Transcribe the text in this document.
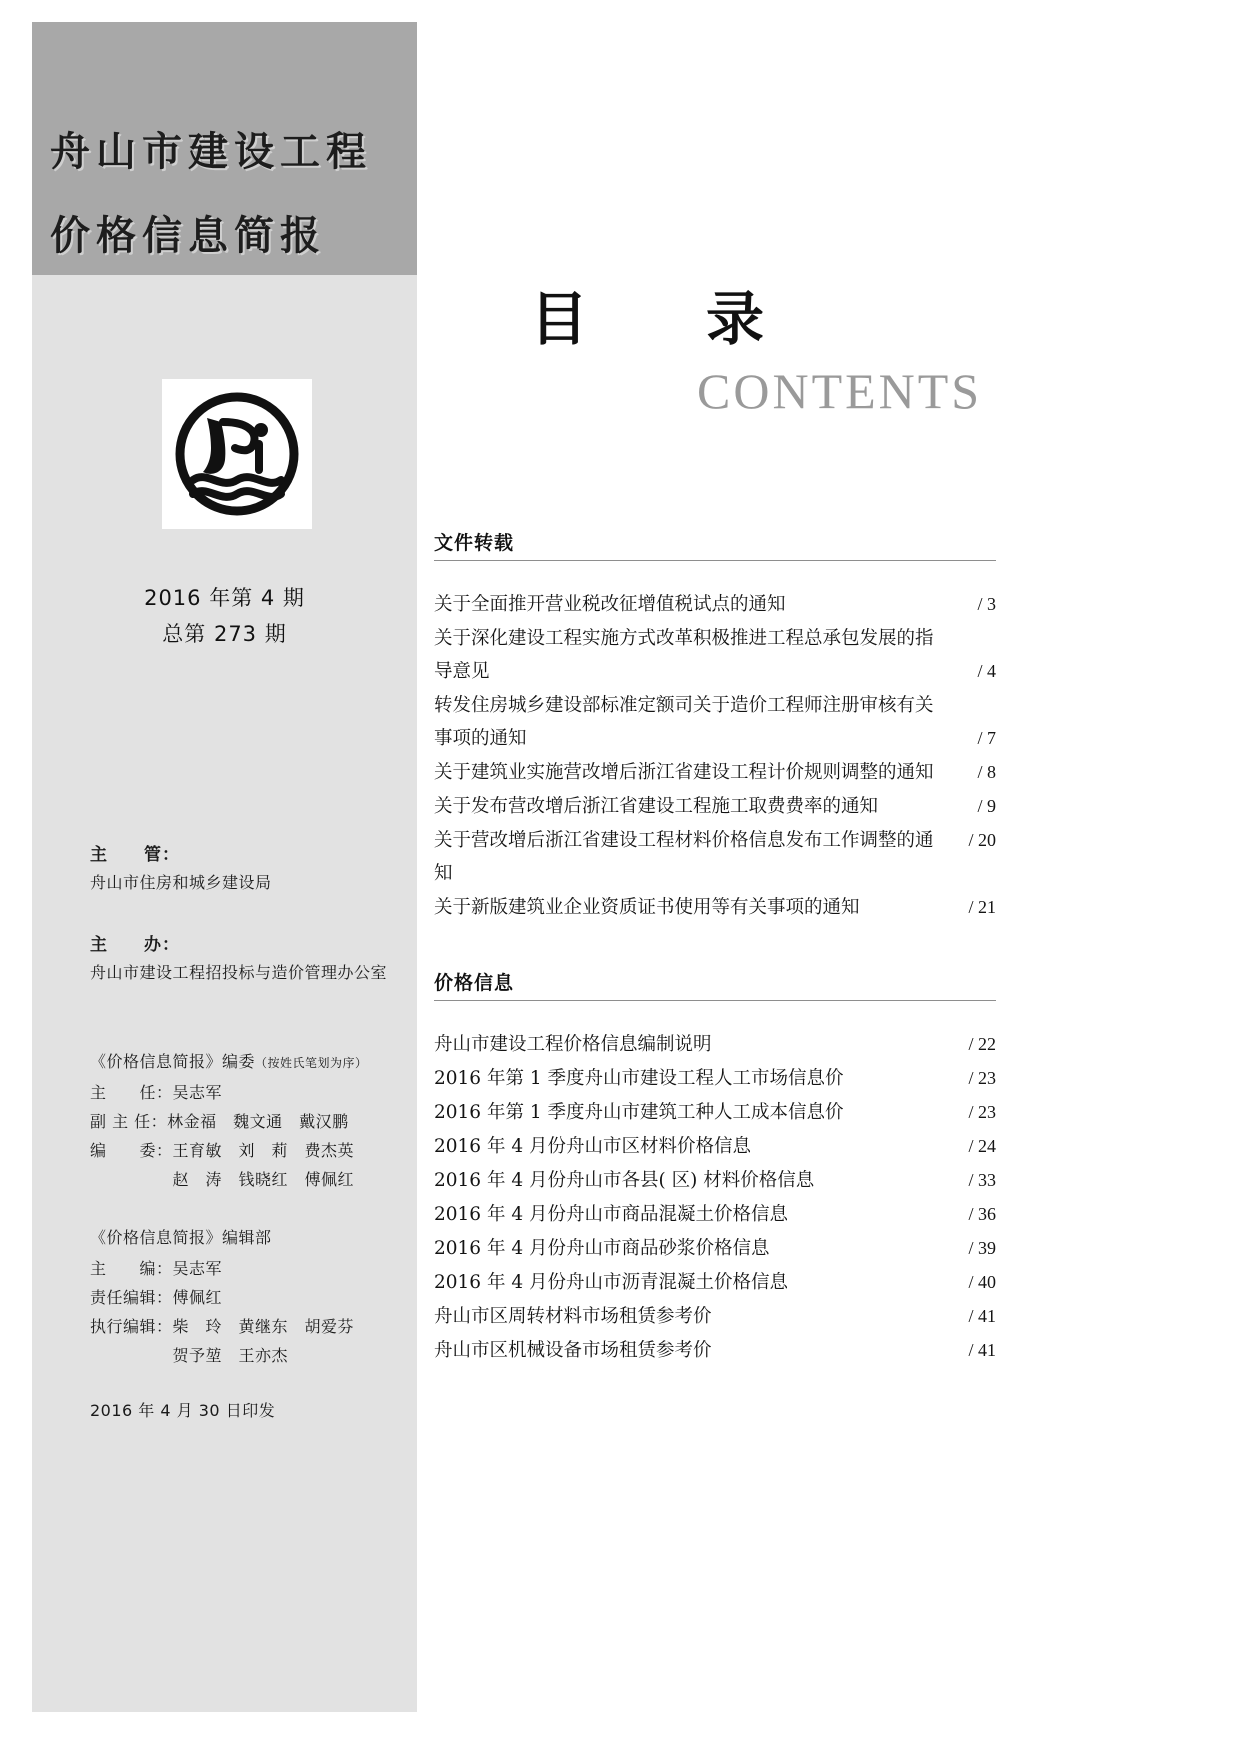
舟山市建设工程
价格信息简报
2016 年第 4 期
总第 273 期
主　　管：
舟山市住房和城乡建设局
主　　办：
舟山市建设工程招投标与造价管理办公室
《价格信息简报》编委（按姓氏笔划为序）
主　　任：吴志军
副 主 任：林金福　魏文通　戴汉鹏
编　　委：王育敏　刘　莉　费杰英
　　　　　赵　涛　钱晓红　傅佩红
《价格信息简报》编辑部
主　　编：吴志军
责任编辑：傅佩红
执行编辑：柴　玲　黄继东　胡爱芬
　　　　　贺予堃　王亦杰
2016 年 4 月 30 日印发
目　录
CONTENTS
文件转载
关于全面推开营业税改征增值税试点的通知	/ 3
关于深化建设工程实施方式改革积极推进工程总承包发展的指导意见	/ 4
转发住房城乡建设部标准定额司关于造价工程师注册审核有关事项的通知	/ 7
关于建筑业实施营改增后浙江省建设工程计价规则调整的通知 / 8
关于发布营改增后浙江省建设工程施工取费费率的通知	/ 9
关于营改增后浙江省建设工程材料价格信息发布工作调整的通知
/ 20
关于新版建筑业企业资质证书使用等有关事项的通知	/ 21
价格信息
舟山市建设工程价格信息编制说明	/ 22
2016 年第 1 季度舟山市建设工程人工市场信息价	/ 23
2016 年第 1 季度舟山市建筑工种人工成本信息价	/ 23
2016 年 4 月份舟山市区材料价格信息	/ 24
2016 年 4 月份舟山市各县( 区) 材料价格信息	/ 33
2016 年 4 月份舟山市商品混凝土价格信息	/ 36
2016 年 4 月份舟山市商品砂浆价格信息	/ 39
2016 年 4 月份舟山市沥青混凝土价格信息	/ 40
舟山市区周转材料市场租赁参考价	/ 41
舟山市区机械设备市场租赁参考价	/ 41
